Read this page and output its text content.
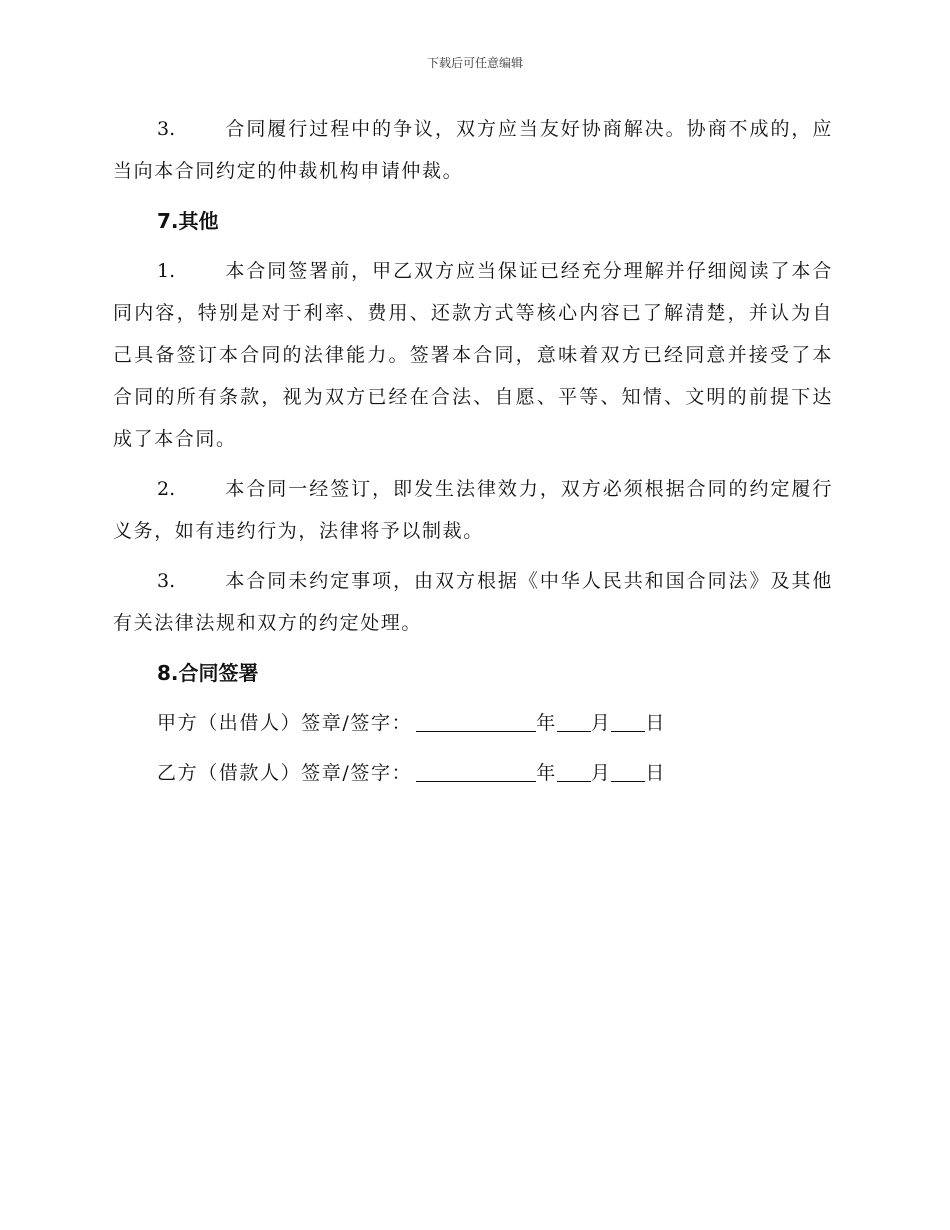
下载后可任意编辑

3.	合同履行过程中的争议，双方应当友好协商解决。协商不成的，应当向本合同约定的仲裁机构申请仲裁。

7.其他

1.	本合同签署前，甲乙双方应当保证已经充分理解并仔细阅读了本合同内容，特别是对于利率、费用、还款方式等核心内容已了解清楚，并认为自己具备签订本合同的法律能力。签署本合同，意味着双方已经同意并接受了本合同的所有条款，视为双方已经在合法、自愿、平等、知情、文明的前提下达成了本合同。

2.	本合同一经签订，即发生法律效力，双方必须根据合同的约定履行义务，如有违约行为，法律将予以制裁。

3.	本合同未约定事项，由双方根据《中华人民共和国合同法》及其他有关法律法规和双方的约定处理。

8.合同签署
甲方（出借人）签章/签字：	年 月 日
乙方（借款人）签章/签字：	年 月 日
